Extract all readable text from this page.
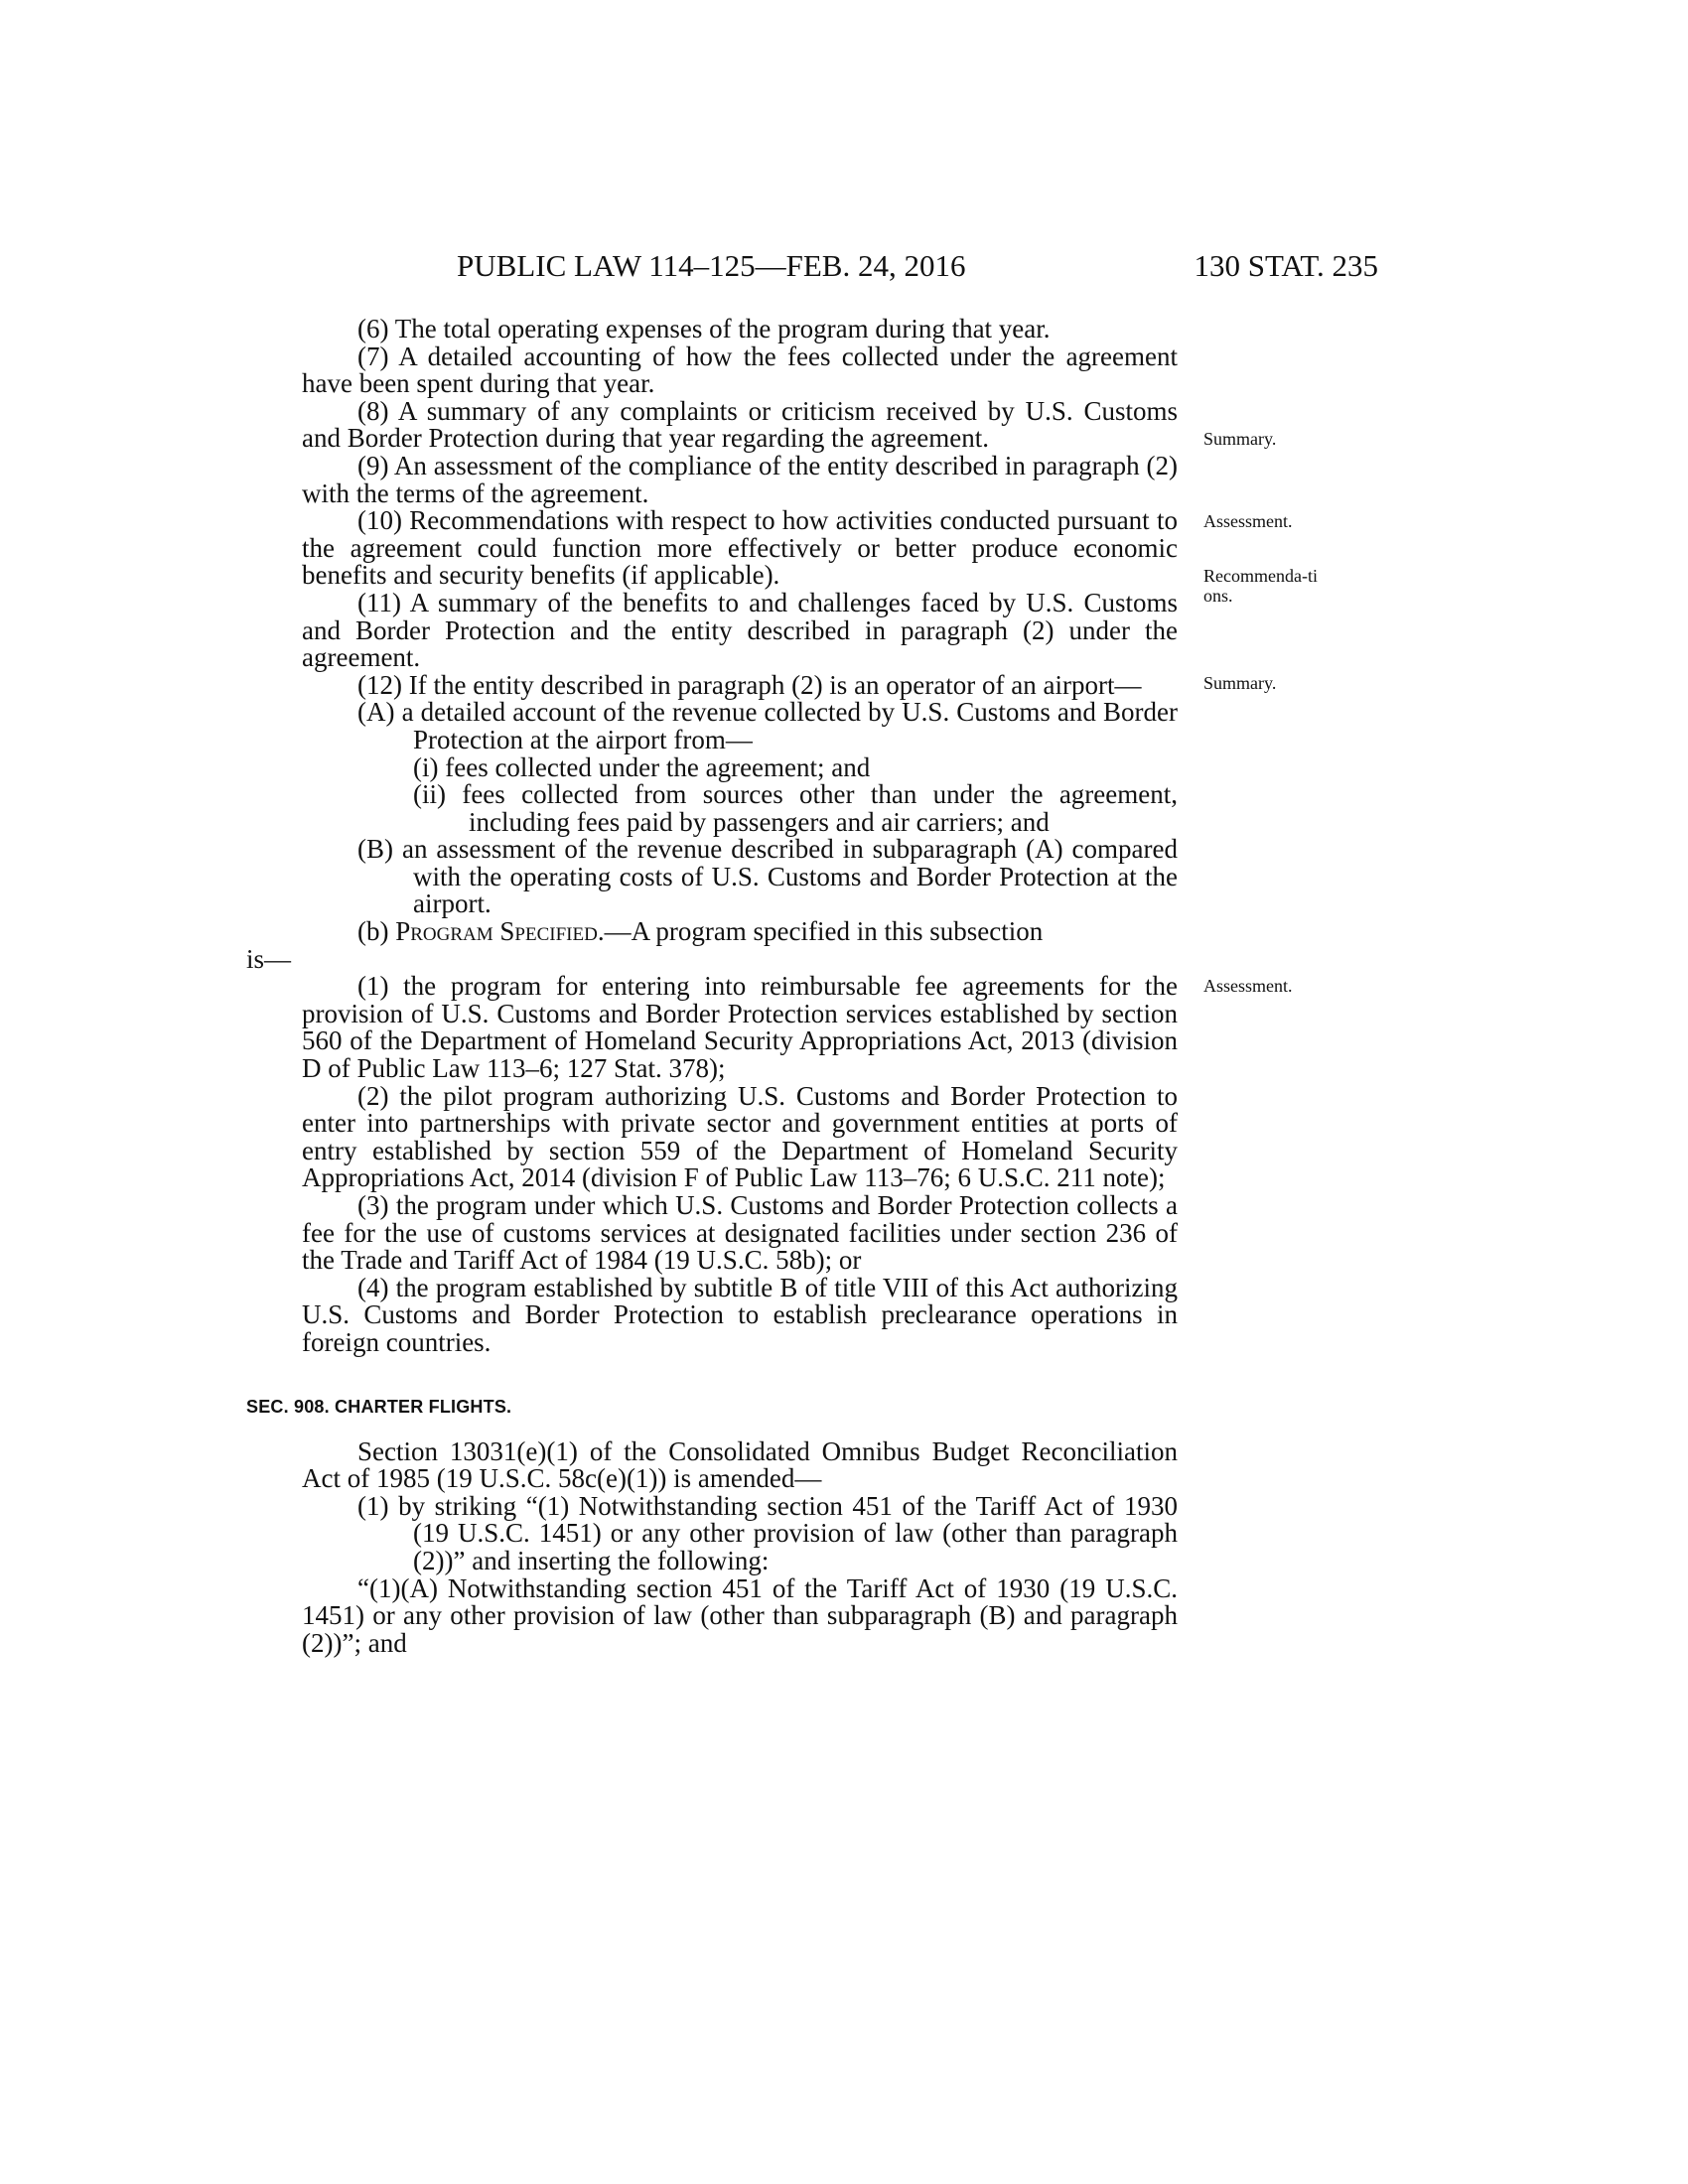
PUBLIC LAW 114–125—FEB. 24, 2016	130 STAT. 235
Summary.
Assessment.
Recommenda-tions.
Summary.
Assessment.

(6) The total operating expenses of the program during that year.

(7) A detailed accounting of how the fees collected under the agreement have been spent during that year.

(8) A summary of any complaints or criticism received by U.S. Customs and Border Protection during that year regarding the agreement.

(9) An assessment of the compliance of the entity described in paragraph (2) with the terms of the agreement.

(10) Recommendations with respect to how activities conducted pursuant to the agreement could function more effectively or better produce economic benefits and security benefits (if applicable).

(11) A summary of the benefits to and challenges faced by U.S. Customs and Border Protection and the entity described in paragraph (2) under the agreement.

(12) If the entity described in paragraph (2) is an operator of an airport—

(A) a detailed account of the revenue collected by U.S. Customs and Border Protection at the airport from—

(i) fees collected under the agreement; and

(ii) fees collected from sources other than under the agreement, including fees paid by passengers and air carriers; and

(B) an assessment of the revenue described in subparagraph (A) compared with the operating costs of U.S. Customs and Border Protection at the airport.

(b) Program Specified.—A program specified in this subsection

is—

(1) the program for entering into reimbursable fee agreements for the provision of U.S. Customs and Border Protection services established by section 560 of the Department of Homeland Security Appropriations Act, 2013 (division D of Public Law 113–6; 127 Stat. 378);

(2) the pilot program authorizing U.S. Customs and Border Protection to enter into partnerships with private sector and government entities at ports of entry established by section 559 of the Department of Homeland Security Appropriations Act, 2014 (division F of Public Law 113–76; 6 U.S.C. 211 note);

(3) the program under which U.S. Customs and Border Protection collects a fee for the use of customs services at designated facilities under section 236 of the Trade and Tariff Act of 1984 (19 U.S.C. 58b); or

(4) the program established by subtitle B of title VIII of this Act authorizing U.S. Customs and Border Protection to establish preclearance operations in foreign countries.

SEC. 908. CHARTER FLIGHTS.

Section 13031(e)(1) of the Consolidated Omnibus Budget Reconciliation Act of 1985 (19 U.S.C. 58c(e)(1)) is amended—

(1) by striking “(1) Notwithstanding section 451 of the Tariff Act of 1930 (19 U.S.C. 1451) or any other provision of law (other than paragraph (2))” and inserting the following:

“(1)(A) Notwithstanding section 451 of the Tariff Act of 1930 (19 U.S.C. 1451) or any other provision of law (other than subparagraph (B) and paragraph (2))”; and
